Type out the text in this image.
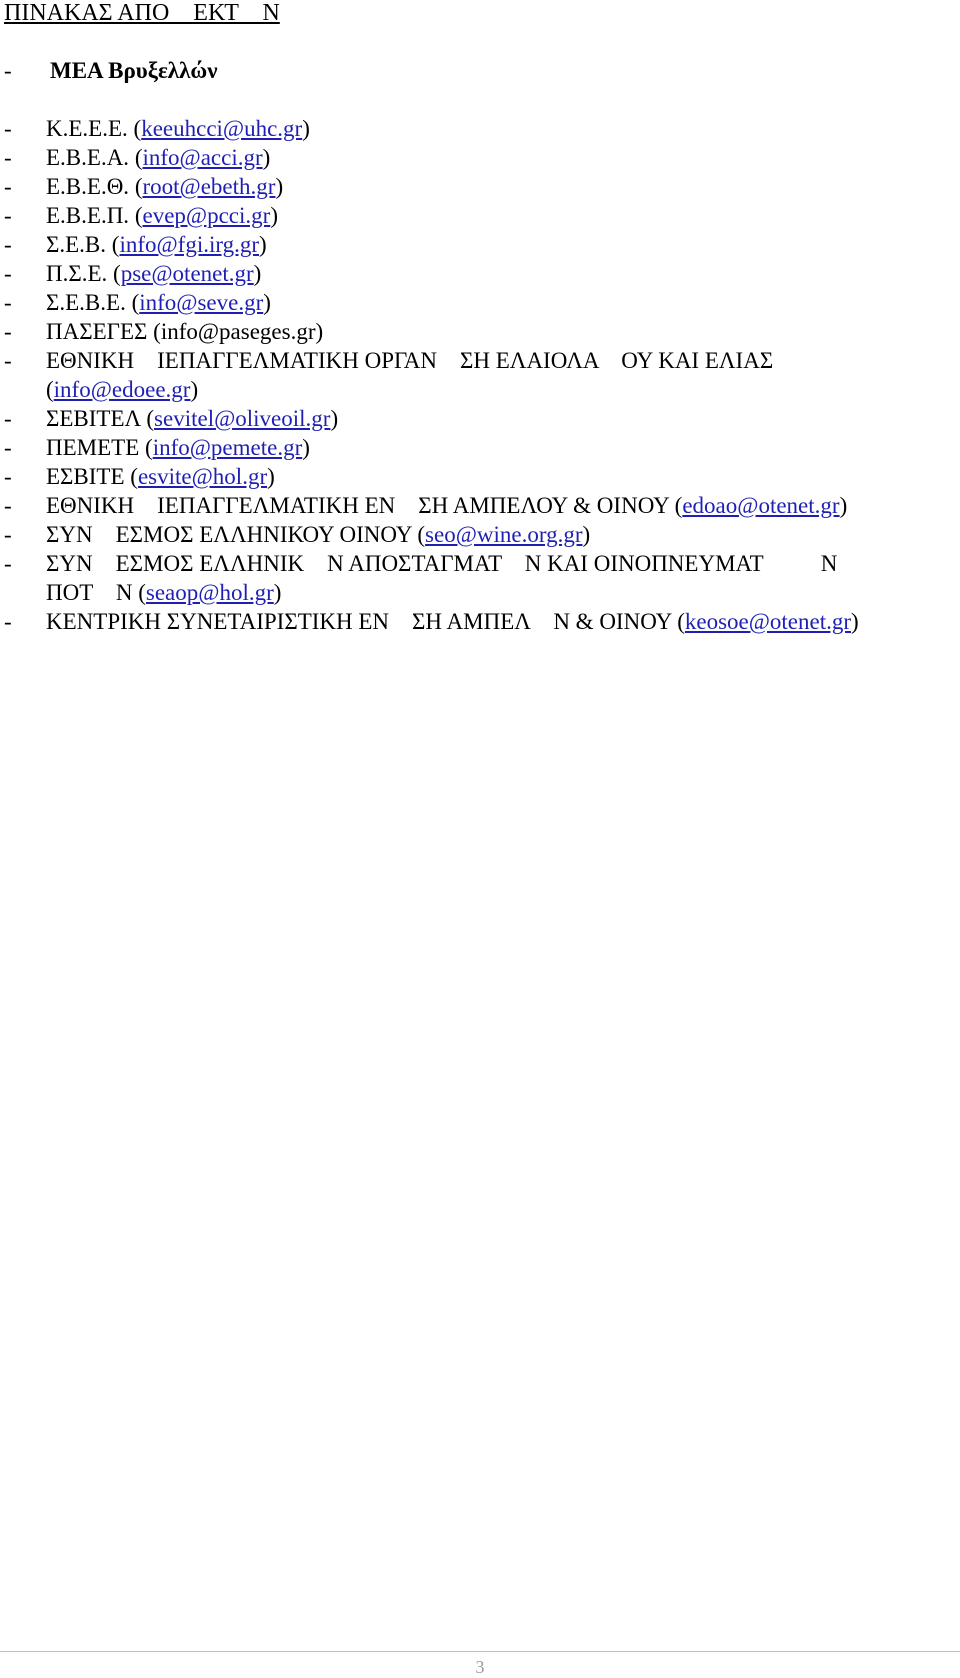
ΠΙΝΑΚΑΣ ΑΠΟ    ΕΚΤ    Ν
- ΜΕΑ Βρυξελλών
-	Κ.Ε.Ε.Ε. (keeuhcci@uhc.gr)
-	Ε.Β.Ε.Α. (info@acci.gr)
-	Ε.Β.Ε.Θ. (root@ebeth.gr)
-	Ε.Β.Ε.Π. (evep@pcci.gr)
-	Σ.Ε.Β. (info@fgi.irg.gr)
-	Π.Σ.Ε. (pse@otenet.gr)
-	Σ.Ε.Β.Ε. (info@seve.gr)
-	ΠΑΣΕΓΕΣ (info@paseges.gr)
-	ΕΘΝΙΚΗ    ΙΕΠΑΓΓΕΛΜΑΤΙΚΗ ΟΡΓΑΝ    ΣΗ ΕΛΑΙΟΛΑ    ΟΥ ΚΑΙ ΕΛΙΑΣ
(info@edoee.gr)
-	ΣΕΒΙΤΕΛ (sevitel@oliveoil.gr)
-	ΠΕΜΕΤΕ (info@pemete.gr)
-	ΕΣΒΙΤΕ (esvite@hol.gr)
-	ΕΘΝΙΚΗ    ΙΕΠΑΓΓΕΛΜΑΤΙΚΗ ΕΝ    ΣΗ ΑΜΠΕΛΟΥ & ΟΙΝΟΥ (edoao@otenet.gr)
-	ΣΥΝ    ΕΣΜΟΣ ΕΛΛΗΝΙΚΟΥ ΟΙΝΟΥ (seo@wine.org.gr)
-	ΣΥΝ    ΕΣΜΟΣ ΕΛΛΗΝΙΚ    Ν ΑΠΟΣΤΑΓΜΑΤ    Ν ΚΑΙ ΟΙΝΟΠΝΕΥΜΑΤ          Ν
ΠΟΤ    Ν (seaop@hol.gr)
-	ΚΕΝΤΡΙΚΗ ΣΥΝΕΤΑΙΡΙΣΤΙΚΗ ΕΝ    ΣΗ ΑΜΠΕΛ    Ν & ΟΙΝΟΥ (keosoe@otenet.gr)
3
